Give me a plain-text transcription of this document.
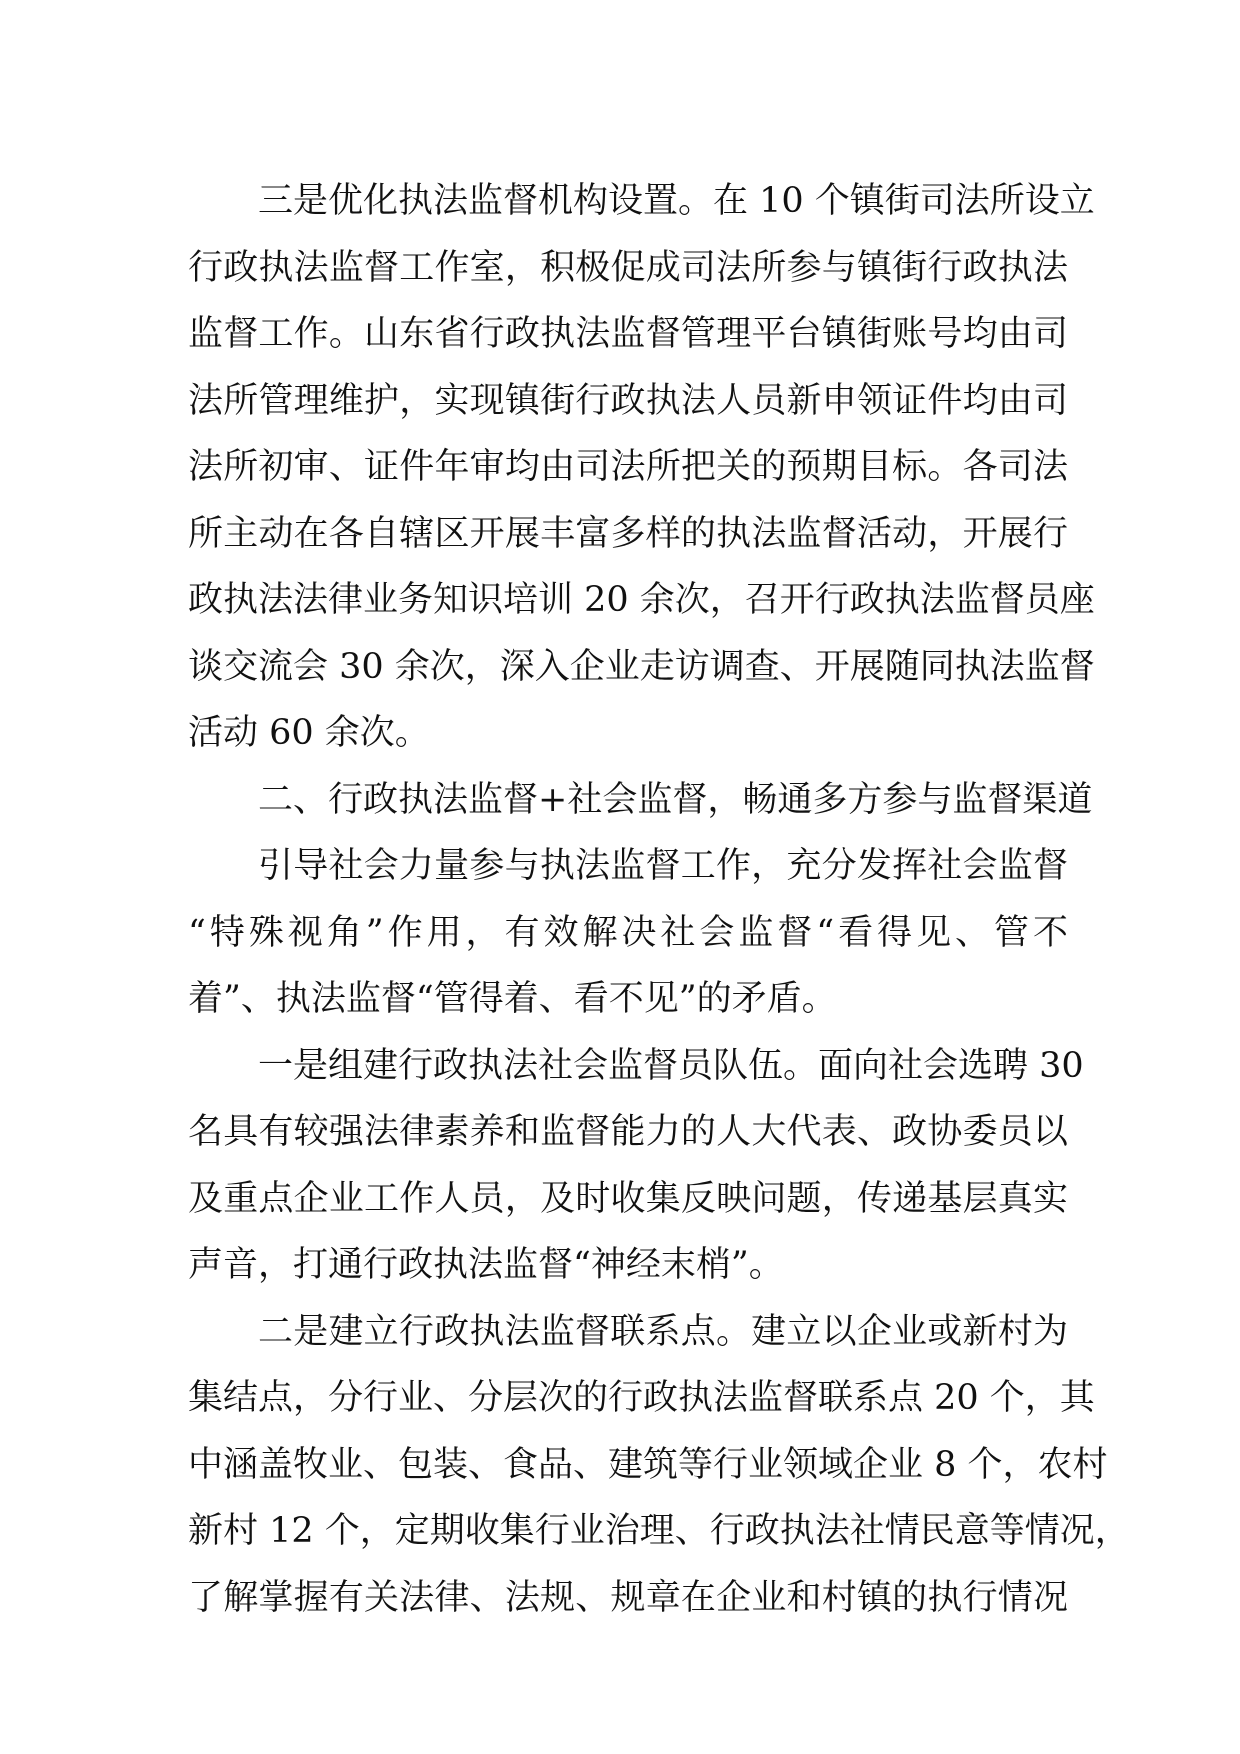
三是优化执法监督机构设置。在 10 个镇街司法所设立
行政执法监督工作室，积极促成司法所参与镇街行政执法
监督工作。山东省行政执法监督管理平台镇街账号均由司
法所管理维护，实现镇街行政执法人员新申领证件均由司
法所初审、证件年审均由司法所把关的预期目标。各司法
所主动在各自辖区开展丰富多样的执法监督活动，开展行
政执法法律业务知识培训 20 余次，召开行政执法监督员座
谈交流会 30 余次，深入企业走访调查、开展随同执法监督
活动 60 余次。
二、行政执法监督+社会监督，畅通多方参与监督渠道
引导社会力量参与执法监督工作，充分发挥社会监督
“特殊视角”作用，有效解决社会监督“看得见、管不
着”、执法监督“管得着、看不见”的矛盾。
一是组建行政执法社会监督员队伍。面向社会选聘 30
名具有较强法律素养和监督能力的人大代表、政协委员以
及重点企业工作人员，及时收集反映问题，传递基层真实
声音，打通行政执法监督“神经末梢”。
二是建立行政执法监督联系点。建立以企业或新村为
集结点，分行业、分层次的行政执法监督联系点 20 个，其
中涵盖牧业、包装、食品、建筑等行业领域企业 8 个，农村
新村 12 个，定期收集行业治理、行政执法社情民意等情况，
了解掌握有关法律、法规、规章在企业和村镇的执行情况
